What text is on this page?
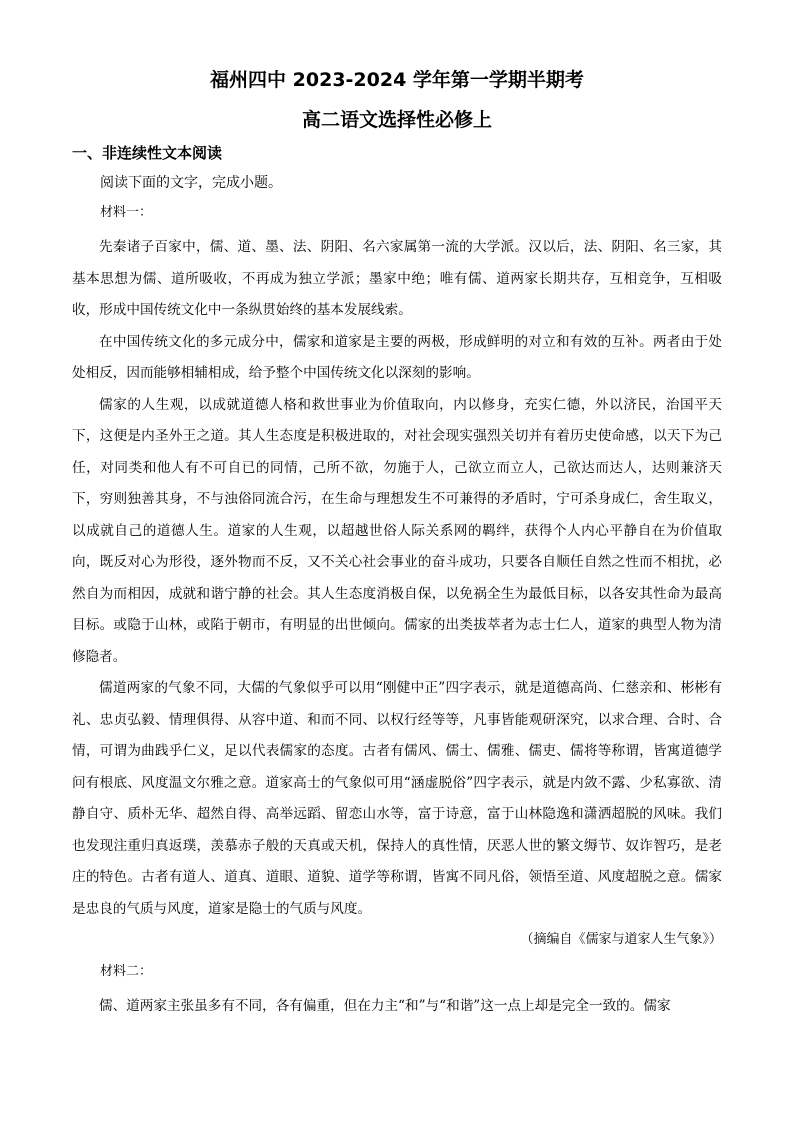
福州四中 2023-2024 学年第一学期半期考
高二语文选择性必修上
一、非连续性文本阅读

阅读下面的文字，完成小题。

材料一：

先秦诸子百家中，儒、道、墨、法、阴阳、名六家属第一流的大学派。汉以后，法、阴阳、名三家，其基本思想为儒、道所吸收，不再成为独立学派；墨家中绝；唯有儒、道两家长期共存，互相竞争，互相吸收，形成中国传统文化中一条纵贯始终的基本发展线索。

在中国传统文化的多元成分中，儒家和道家是主要的两极，形成鲜明的对立和有效的互补。两者由于处处相反，因而能够相辅相成，给予整个中国传统文化以深刻的影响。

儒家的人生观，以成就道德人格和救世事业为价值取向，内以修身，充实仁德，外以济民，治国平天下，这便是内圣外王之道。其人生态度是积极进取的，对社会现实强烈关切并有着历史使命感，以天下为己任，对同类和他人有不可自已的同情，己所不欲，勿施于人，己欲立而立人，己欲达而达人，达则兼济天下，穷则独善其身，不与浊俗同流合污，在生命与理想发生不可兼得的矛盾时，宁可杀身成仁，舍生取义，以成就自己的道德人生。道家的人生观，以超越世俗人际关系网的羁绊，获得个人内心平静自在为价值取向，既反对心为形役，逐外物而不反，又不关心社会事业的奋斗成功，只要各自顺任自然之性而不相扰，必然自为而相因，成就和谐宁静的社会。其人生态度消极自保，以免祸全生为最低目标，以各安其性命为最高目标。或隐于山林，或陷于朝市，有明显的出世倾向。儒家的出类拔萃者为志士仁人，道家的典型人物为清修隐者。

儒道两家的气象不同，大儒的气象似乎可以用“刚健中正”四字表示，就是道德高尚、仁慈亲和、彬彬有礼、忠贞弘毅、情理俱得、从容中道、和而不同、以权行经等等，凡事皆能观研深究，以求合理、合时、合情，可谓为曲践乎仁义，足以代表儒家的态度。古者有儒风、儒士、儒雅、儒吏、儒将等称谓，皆寓道德学问有根底、风度温文尔雅之意。道家高士的气象似可用“涵虚脱俗”四字表示，就是内敛不露、少私寡欲、清静自守、质朴无华、超然自得、高举远蹈、留恋山水等，富于诗意，富于山林隐逸和潇洒超脱的风味。我们也发现注重归真返璞，羡慕赤子般的天真或天机，保持人的真性情，厌恶人世的繁文缛节、奴诈智巧，是老庄的特色。古者有道人、道真、道眼、道貌、道学等称谓，皆寓不同凡俗，领悟至道、风度超脱之意。儒家是忠良的气质与风度，道家是隐士的气质与风度。

（摘编自《儒家与道家人生气象》）

材料二：

儒、道两家主张虽多有不同，各有偏重，但在力主“和”与“和谐”这一点上却是完全一致的。儒家
